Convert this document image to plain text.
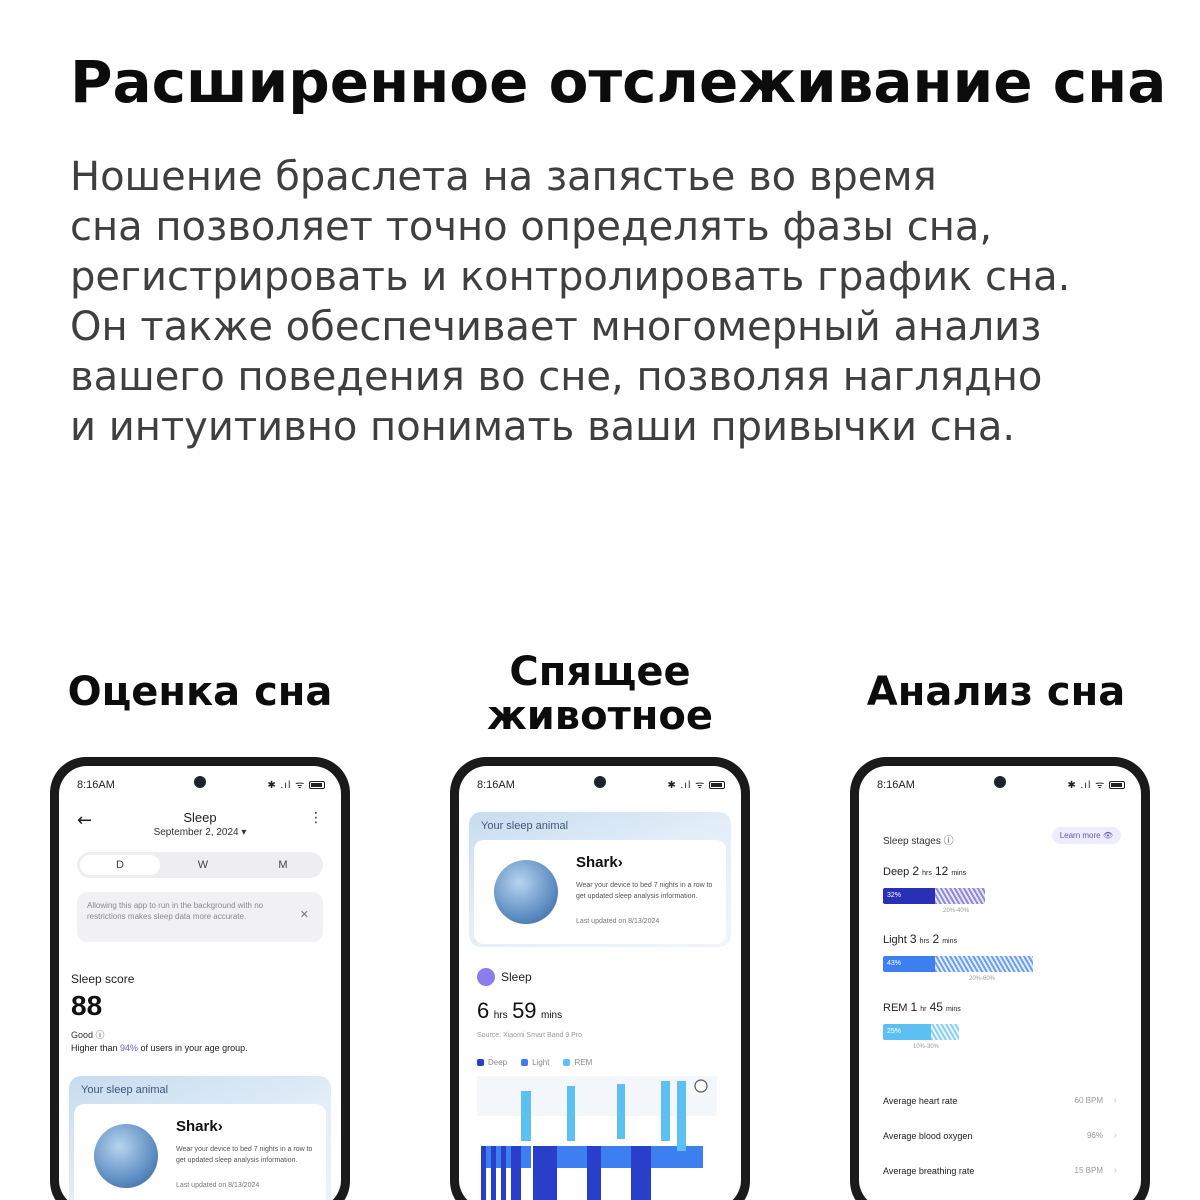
Расширенное отслеживание сна
Ношение браслета на запястье во время
сна позволяет точно определять фазы сна,
регистрировать и контролировать график сна.
Он также обеспечивает многомерный анализ
вашего поведения во сне, позволяя наглядно
и интуитивно понимать ваши привычки сна.
Оценка сна	Спящее
животное
Анализ сна
8:16AM	✱ .ıl ᯤ
←	Sleep
September 2, 2024 ▾
⋮
D	W	M
Allowing this app to run in the background with no restrictions makes sleep data more accurate.	✕
Sleep score
88
Good ⓘ
Higher than 94% of users in your age group.
Your sleep animal
Shark›
Wear your device to bed 7 nights in a row to get updated sleep analysis information.
Last updated on 8/13/2024
8:16AM	✱ .ıl ᯤ
Your sleep animal
Shark›
Wear your device to bed 7 nights in a row to get updated sleep analysis information.
Last updated on 8/13/2024
Sleep
6 hrs 59 mins
Source: Xiaomi Smart Band 9 Pro
Deep	Light	REM
8:16AM	✱ .ıl ᯤ
Sleep stages ⓘ
Learn more 👁
Deep 2 hrs 12 mins
32%
20%-40%
Light 3 hrs 2 mins
43%
20%-60%
REM 1 hr 45 mins
25%
10%-30%
Average heart rate	60 BPM ›
Average blood oxygen	96% ›
Average breathing rate	15 BPM ›
